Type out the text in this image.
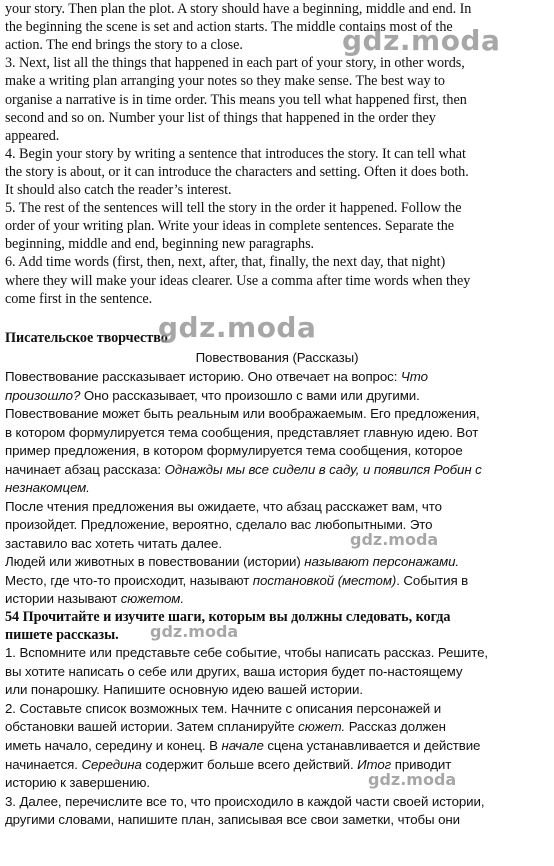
your story. Then plan the plot. A story should have a beginning, middle and end. In
the beginning the scene is set and action starts. The middle contains most of the
action. The end brings the story to a close.
3. Next, list all the things that happened in each part of your story, in other words,
make a writing plan arranging your notes so they make sense. The best way to
organise a narrative is in time order. This means you tell what happened first, then
second and so on. Number your list of things that happened in the order they
appeared.
4. Begin your story by writing a sentence that introduces the story. It can tell what
the story is about, or it can introduce the characters and setting. Often it does both.
It should also catch the reader’s interest.
5. The rest of the sentences will tell the story in the order it happened. Follow the
order of your writing plan. Write your ideas in complete sentences. Separate the
beginning, middle and end, beginning new paragraphs.
6. Add time words (first, then, next, after, that, finally, the next day, that night)
where they will make your ideas clearer. Use a comma after time words when they
come first in the sentence.
Писательское творчество
Повествования (Рассказы)
Повествование рассказывает историю. Оно отвечает на вопрос: Что
произошло? Оно рассказывает, что произошло с вами или другими.
Повествование может быть реальным или воображаемым. Его предложения,
в котором формулируется тема сообщения, представляет главную идею. Вот
пример предложения, в котором формулируется тема сообщения, которое
начинает абзац рассказа: Однажды мы все сидели в саду, и появился Робин с
незнакомцем.
После чтения предложения вы ожидаете, что абзац расскажет вам, что
произойдет. Предложение, вероятно, сделало вас любопытными. Это
заставило вас хотеть читать далее.
Людей или животных в повествовании (истории) называют персонажами.
Место, где что-то происходит, называют постановкой (местом). События в
истории называют сюжетом.
54 Прочитайте и изучите шаги, которым вы должны следовать, когда
пишете рассказы.
1. Вспомните или представьте себе событие, чтобы написать рассказ. Решите,
вы хотите написать о себе или других, ваша история будет по-настоящему
или понарошку. Напишите основную идею вашей истории.
2. Составьте список возможных тем. Начните с описания персонажей и
обстановки вашей истории. Затем спланируйте сюжет. Рассказ должен
иметь начало, середину и конец. В начале сцена устанавливается и действие
начинается. Середина содержит больше всего действий. Итог приводит
историю к завершению.
3. Далее, перечислите все то, что происходило в каждой части своей истории,
другими словами, напишите план, записывая все свои заметки, чтобы они
gdz.moda
gdz.moda
gdz.moda
gdz.moda
gdz.moda
